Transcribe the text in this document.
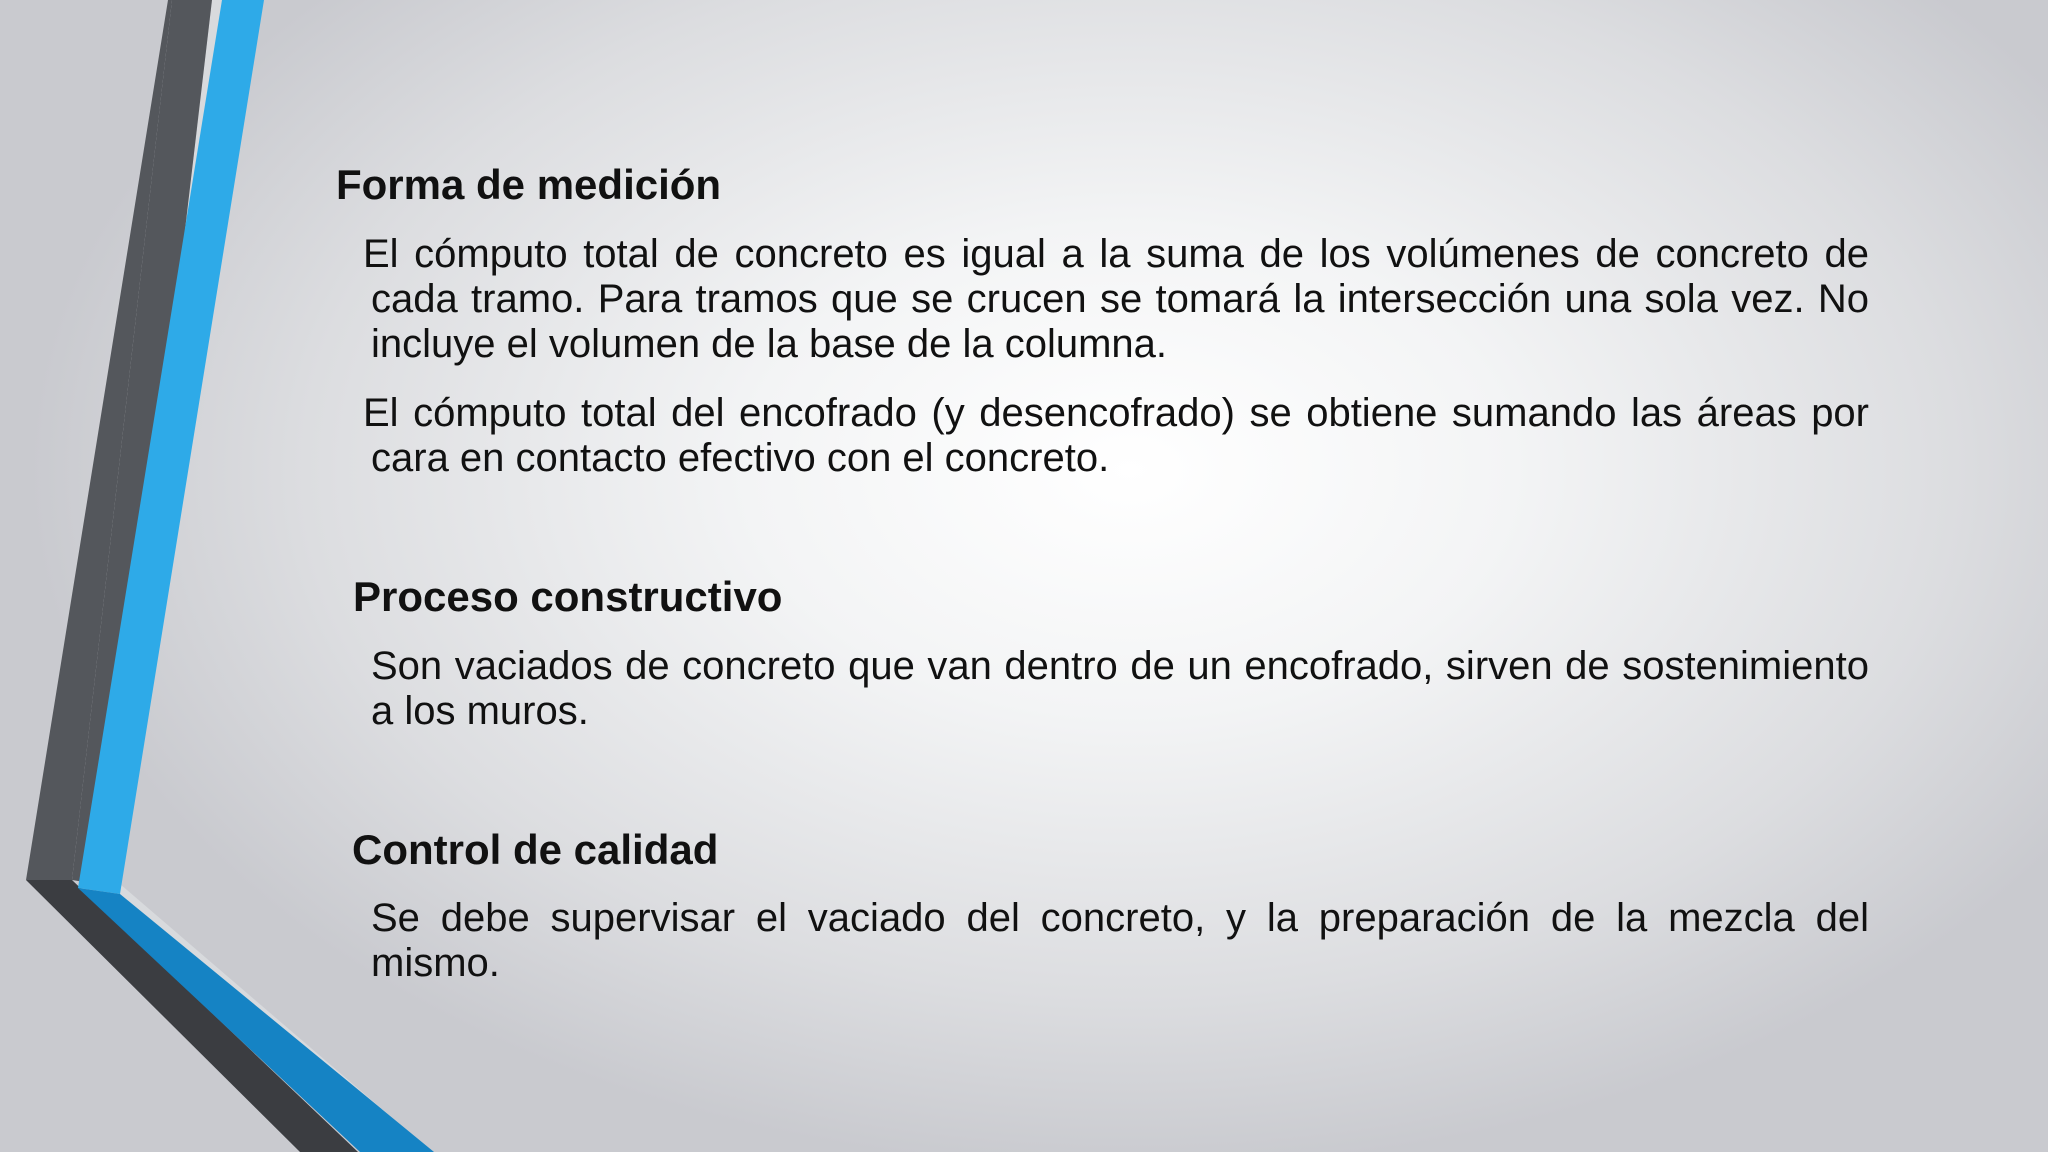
Forma de medición

El cómputo total de concreto es igual a la suma de los volúmenes de concreto de cada tramo. Para tramos que se crucen se tomará la intersección una sola vez. No incluye el volumen de la base de la columna.

El cómputo total del encofrado (y desencofrado) se obtiene sumando las áreas por cara en contacto efectivo con el concreto.

Proceso constructivo

Son vaciados de concreto que van dentro de un encofrado, sirven de sostenimiento a los muros.

Control de calidad

Se debe supervisar el vaciado del concreto, y la preparación de la mezcla del mismo.
